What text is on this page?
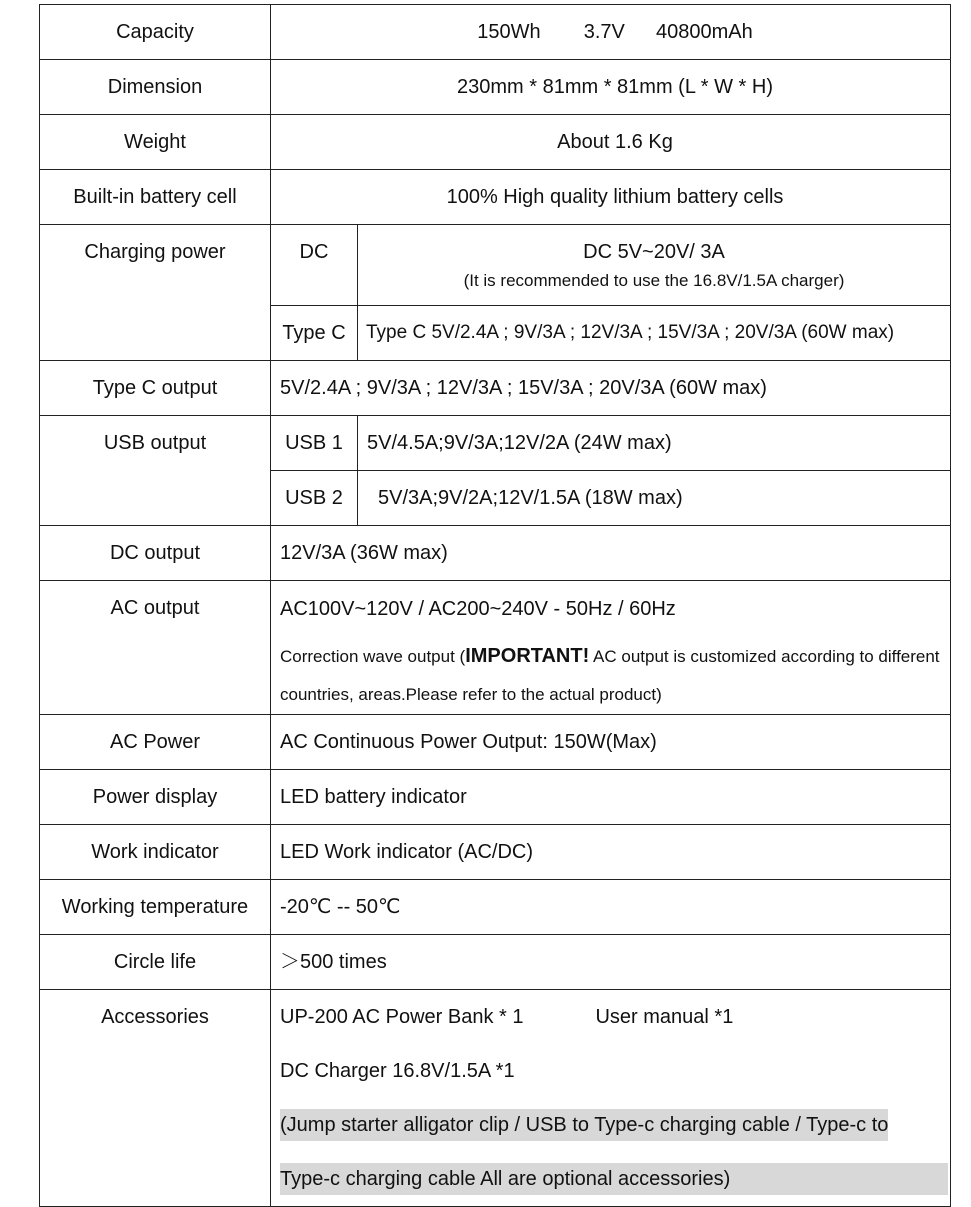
Capacity	150Wh 3.7V 40800mAh
Dimension	230mm * 81mm * 81mm (L * W * H)
Weight	About 1.6 Kg
Built-in battery cell	100% High quality lithium battery cells
Charging power		DC	DC 5V~20V/ 3A
(It is recommended to use the 16.8V/1.5A charger)

Type C	Type C 5V/2.4A ; 9V/3A ; 12V/3A ; 15V/3A ; 20V/3A (60W max)

Type C output	5V/2.4A ; 9V/3A ; 12V/3A ; 15V/3A ; 20V/3A (60W max)
USB output		USB 1	5V/4.5A;9V/3A;12V/2A (24W max)
USB 2	5V/3A;9V/2A;12V/1.5A (18W max)

DC output	12V/3A (36W max)
AC output	AC100V~120V / AC200~240V - 50Hz / 60Hz
Correction wave output (IMPORTANT! AC output is customized according to different countries, areas.Please refer to the actual product)

AC Power	AC Continuous Power Output: 150W(Max)
Power display	LED battery indicator
Work indicator	LED Work indicator (AC/DC)
Working temperature	-20℃ -- 50℃
Circle life	＞500 times
Accessories	UP-200 AC Power Bank * 1	User manual *1
DC Charger 16.8V/1.5A *1
(Jump starter alligator clip / USB to Type-c charging cable / Type-c to
Type-c charging cable All are optional accessories)
